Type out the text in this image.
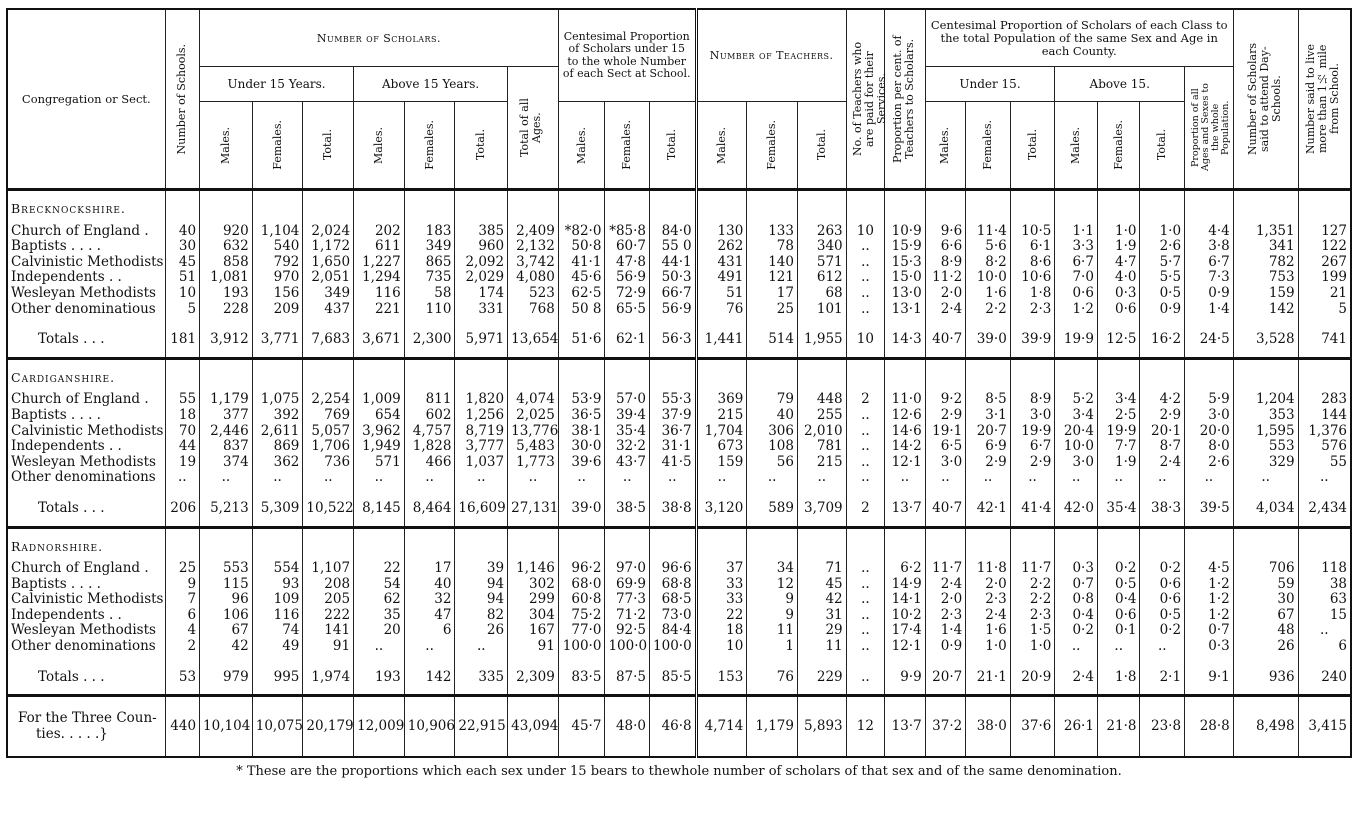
Congregation or Sect.	Number of Schools.	Number of Scholars.							Centesimal Proportion of Scholars under 15 to the whole Number of each Sect at School.			Number of Teachers.			No. of Teachers who are paid for their Services.	Proportion per cent. of Teachers to Scholars.	Centesimal Proportion of Scholars of each Class to the total Population of the same Sex and Age in each County.							Number of Scholars said to attend Day-Schools.	Number said to live more than 1½ mile from School.

		Under 15 Years.			Above 15 Years.			Total of all Ages.									Under 15.			Above 15.			Proportion of all Ages and Sexes to the whole Population.		

		Males.	Females.	Total.	Males.	Females.	Total.		Males.	Females.	Total.	Males.	Females.	Total.			Males.	Females.	Total.	Males.	Females.	Total.			

Brecknockshire.																									
Church of England .	40	920	1,104	2,024	202	183	385	2,409	*82·0	*85·8	84·0	130	133	263	10	10·9	9·6	11·4	10·5	1·1	1·0	1·0	4·4	1,351	127
Baptists . . . .	30	632	540	1,172	611	349	960	2,132	50·8	60·7	55 0	262	78	340	..	15·9	6·6	5·6	6·1	3·3	1·9	2·6	3·8	341	122
Calvinistic Methodists	45	858	792	1,650	1,227	865	2,092	3,742	41·1	47·8	44·1	431	140	571	..	15·3	8·9	8·2	8·6	6·7	4·7	5·7	6·7	782	267
Independents . .	51	1,081	970	2,051	1,294	735	2,029	4,080	45·6	56·9	50·3	491	121	612	..	15·0	11·2	10·0	10·6	7·0	4·0	5·5	7·3	753	199
Wesleyan Methodists	10	193	156	349	116	58	174	523	62·5	72·9	66·7	51	17	68	..	13·0	2·0	1·6	1·8	0·6	0·3	0·5	0·9	159	21
Other denominatious	5	228	209	437	221	110	331	768	50 8	65·5	56·9	76	25	101	..	13·1	2·4	2·2	2·3	1·2	0·6	0·9	1·4	142	5

Totals . . .	181	3,912	3,771	7,683	3,671	2,300	5,971	13,654	51·6	62·1	56·3	1,441	514	1,955	10	14·3	40·7	39·0	39·9	19·9	12·5	16·2	24·5	3,528	741
Cardiganshire.																									
Church of England .	55	1,179	1,075	2,254	1,009	811	1,820	4,074	53·9	57·0	55·3	369	79	448	2	11·0	9·2	8·5	8·9	5·2	3·4	4·2	5·9	1,204	283
Baptists . . . .	18	377	392	769	654	602	1,256	2,025	36·5	39·4	37·9	215	40	255	..	12·6	2·9	3·1	3·0	3·4	2·5	2·9	3·0	353	144
Calvinistic Methodists	70	2,446	2,611	5,057	3,962	4,757	8,719	13,776	38·1	35·4	36·7	1,704	306	2,010	..	14·6	19·1	20·7	19·9	20·4	19·9	20·1	20·0	1,595	1,376
Independents . .	44	837	869	1,706	1,949	1,828	3,777	5,483	30·0	32·2	31·1	673	108	781	..	14·2	6·5	6·9	6·7	10·0	7·7	8·7	8·0	553	576
Wesleyan Methodists	19	374	362	736	571	466	1,037	1,773	39·6	43·7	41·5	159	56	215	..	12·1	3·0	2·9	2·9	3·0	1·9	2·4	2·6	329	55
Other denominations	..	..	..	..	..	..	..	..	..	..	..	..	..	..	..	..	..	..	..	..	..	..	..	..	..

Totals . . .	206	5,213	5,309	10,522	8,145	8,464	16,609	27,131	39·0	38·5	38·8	3,120	589	3,709	2	13·7	40·7	42·1	41·4	42·0	35·4	38·3	39·5	4,034	2,434
Radnorshire.																									
Church of England .	25	553	554	1,107	22	17	39	1,146	96·2	97·0	96·6	37	34	71	..	6·2	11·7	11·8	11·7	0·3	0·2	0·2	4·5	706	118
Baptists . . . .	9	115	93	208	54	40	94	302	68·0	69·9	68·8	33	12	45	..	14·9	2·4	2·0	2·2	0·7	0·5	0·6	1·2	59	38
Calvinistic Methodists	7	96	109	205	62	32	94	299	60·8	77·3	68·5	33	9	42	..	14·1	2·0	2·3	2·2	0·8	0·4	0·6	1·2	30	63
Independents . .	6	106	116	222	35	47	82	304	75·2	71·2	73·0	22	9	31	..	10·2	2·3	2·4	2·3	0·4	0·6	0·5	1·2	67	15
Wesleyan Methodists	4	67	74	141	20	6	26	167	77·0	92·5	84·4	18	11	29	..	17·4	1·4	1·6	1·5	0·2	0·1	0·2	0·7	48	..
Other denominations	2	42	49	91	..	..	..	91	100·0	100·0	100·0	10	1	11	..	12·1	0·9	1·0	1·0	..	..	..	0·3	26	6

Totals . . .	53	979	995	1,974	193	142	335	2,309	83·5	87·5	85·5	153	76	229	..	9·9	20·7	21·1	20·9	2·4	1·8	2·1	9·1	936	240

For the Three Coun-
ties. . . . .}	440	10,104	10,075	20,179	12,009	10,906	22,915	43,094	45·7	48·0	46·8	4,714	1,179	5,893	12	13·7	37·2	38·0	37·6	26·1	21·8	23·8	28·8	8,498	3,415
* These are the proportions which each sex under 15 bears to thewhole number of scholars of that sex and of the same denomination.
